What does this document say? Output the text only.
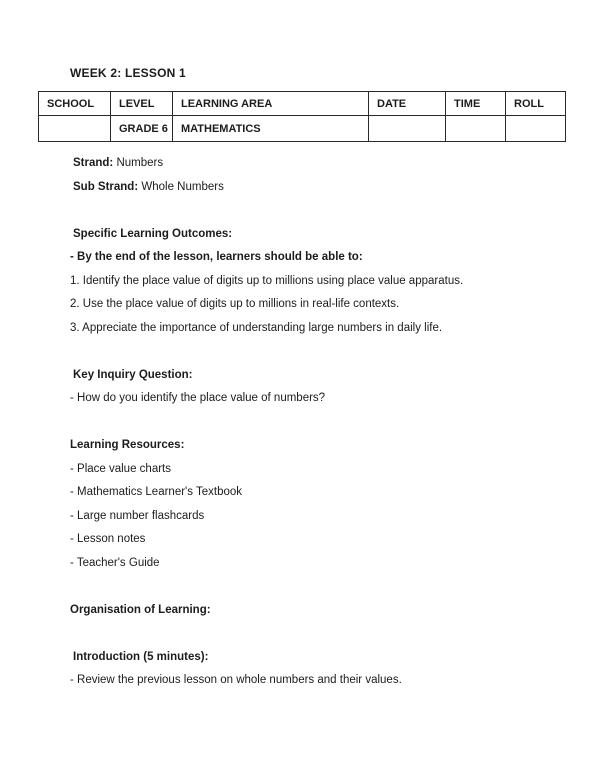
WEEK 2: LESSON 1
SCHOOL	LEVEL	LEARNING AREA	DATE	TIME	ROLL
	GRADE 6	MATHEMATICS			

Strand: Numbers

Sub Strand: Whole Numbers

Specific Learning Outcomes:

- By the end of the lesson, learners should be able to:

1. Identify the place value of digits up to millions using place value apparatus.

2. Use the place value of digits up to millions in real-life contexts.

3. Appreciate the importance of understanding large numbers in daily life.

Key Inquiry Question:

- How do you identify the place value of numbers?

Learning Resources:

- Place value charts

- Mathematics Learner's Textbook

- Large number flashcards

- Lesson notes

- Teacher's Guide

Organisation of Learning:

Introduction (5 minutes):

- Review the previous lesson on whole numbers and their values.
